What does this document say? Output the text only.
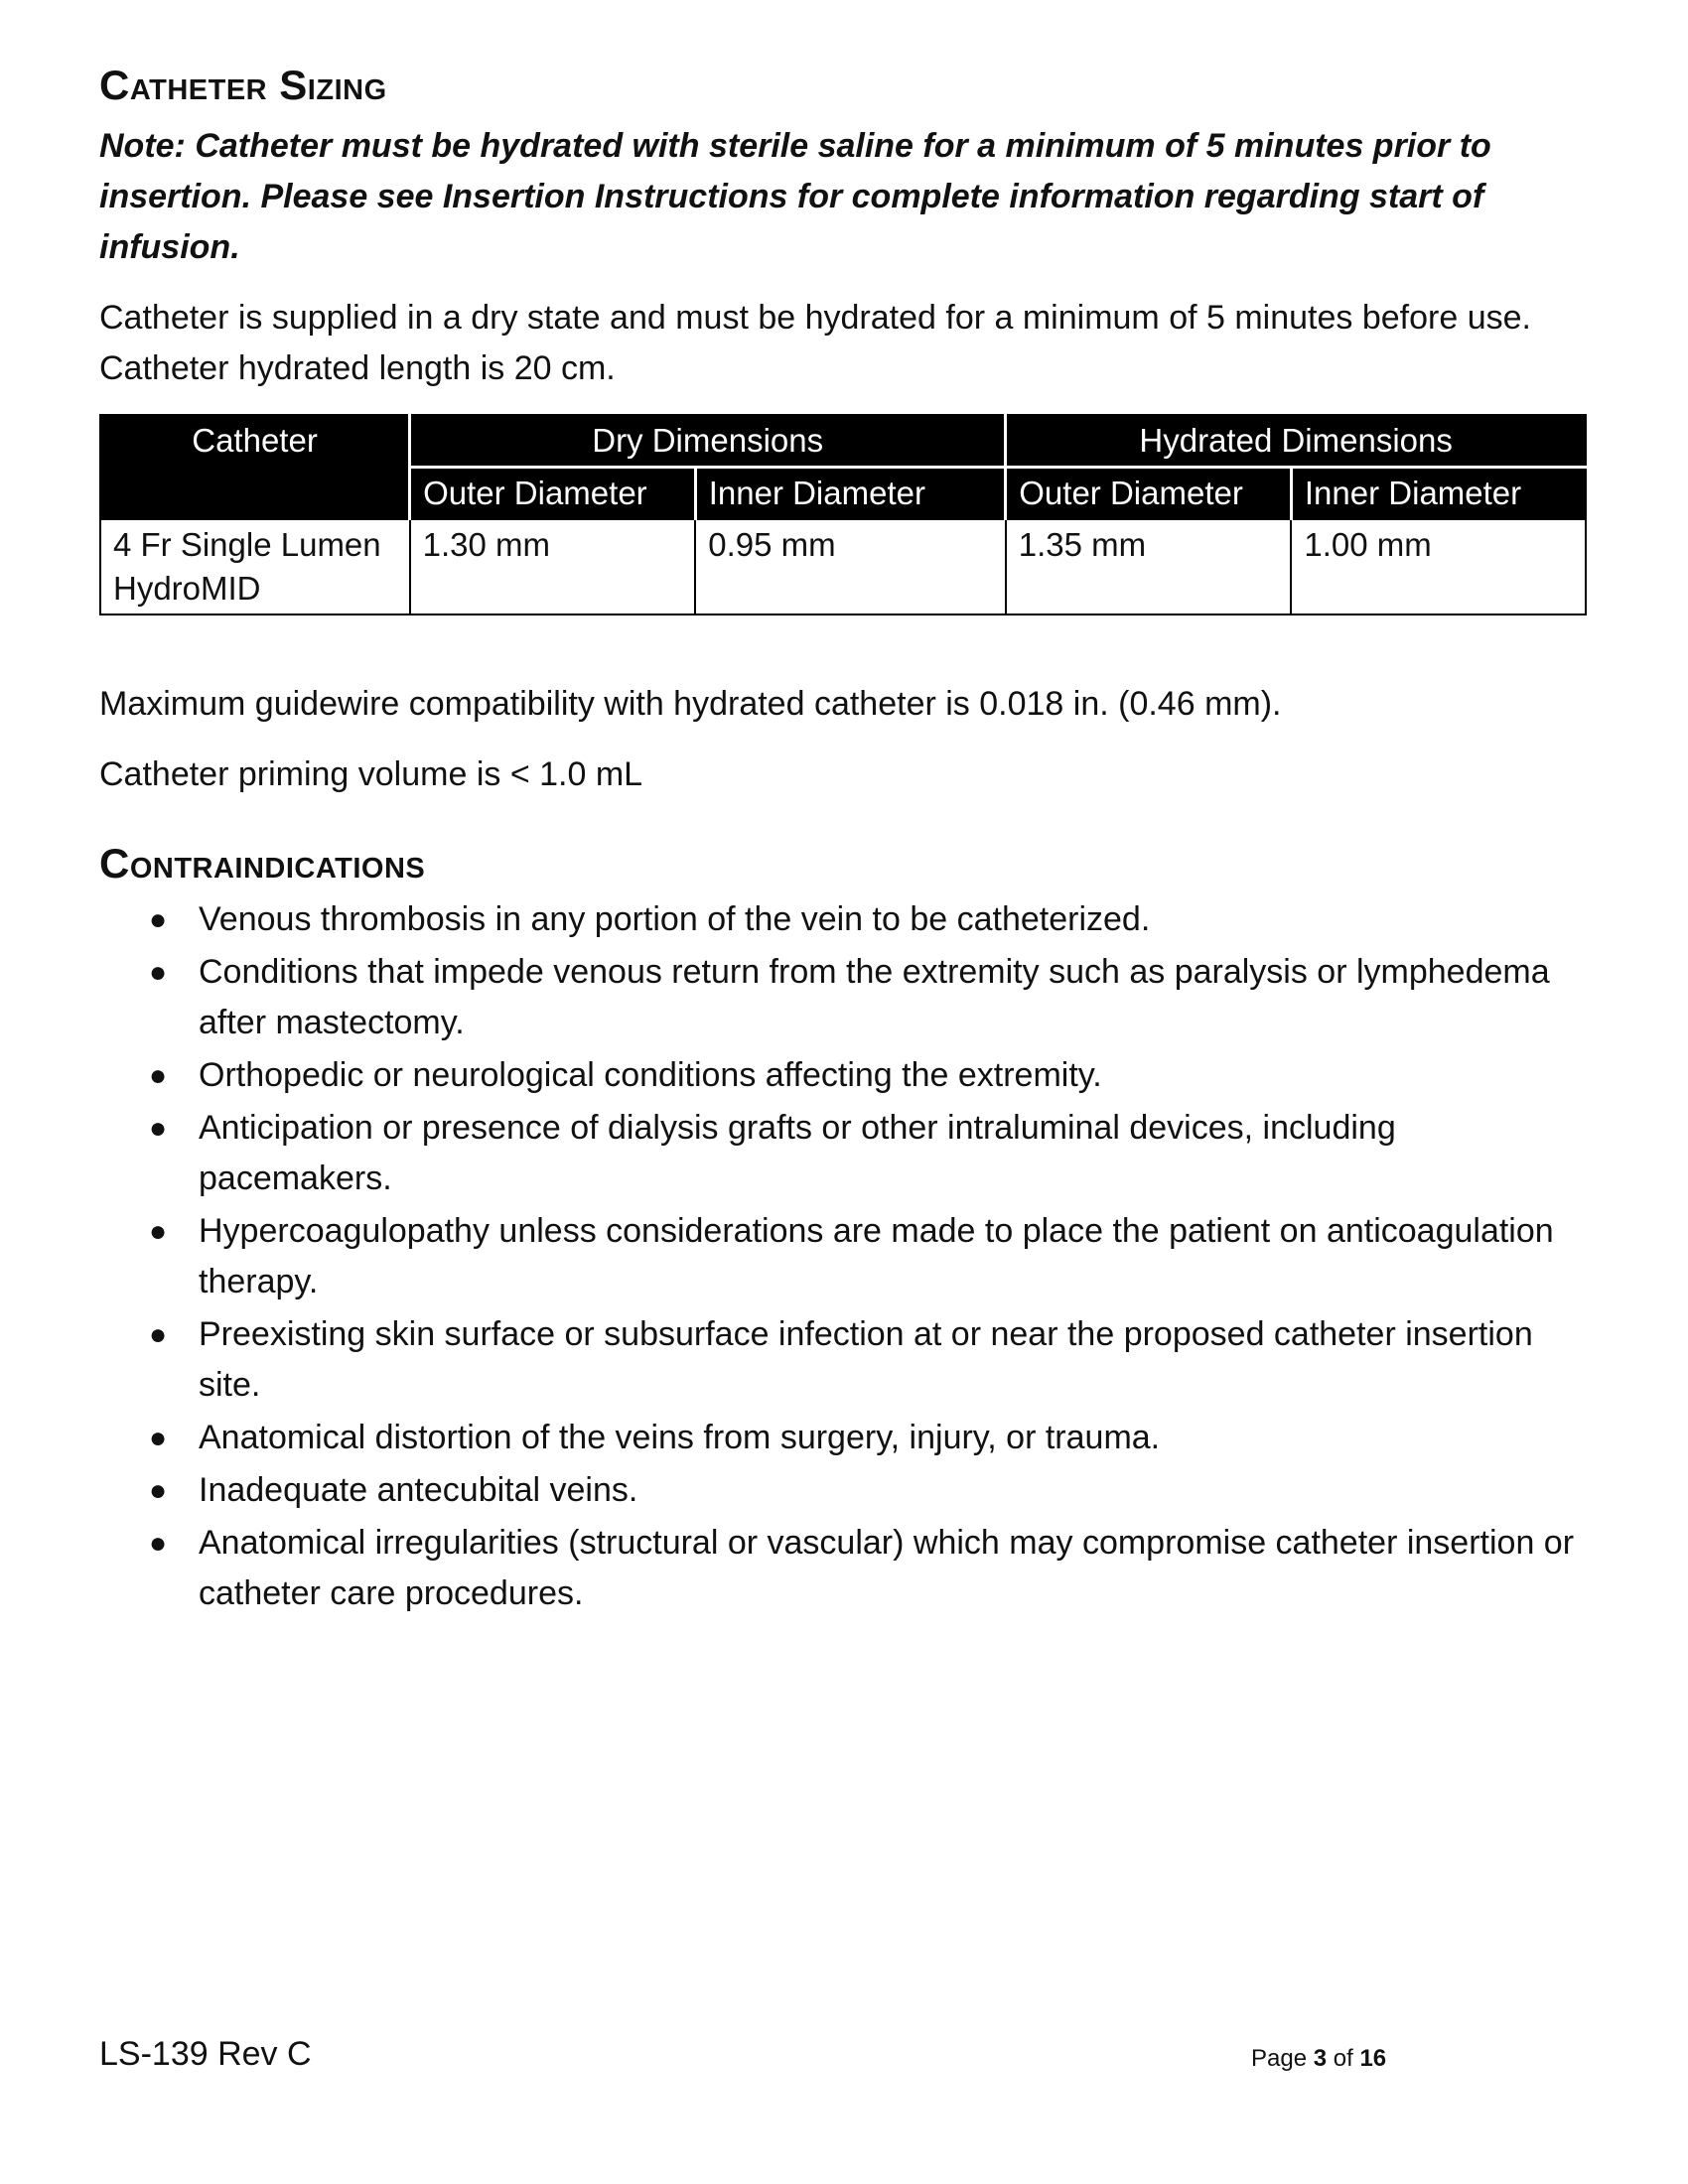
Catheter Sizing

Note: Catheter must be hydrated with sterile saline for a minimum of 5 minutes prior to insertion. Please see Insertion Instructions for complete information regarding start of infusion.

Catheter is supplied in a dry state and must be hydrated for a minimum of 5 minutes before use. Catheter hydrated length is 20 cm.

Catheter	Dry Dimensions		Hydrated Dimensions	
	Outer Diameter	Inner Diameter	Outer Diameter	Inner Diameter
4 Fr Single Lumen HydroMID	1.30 mm	0.95 mm	1.35 mm	1.00 mm

Maximum guidewire compatibility with hydrated catheter is 0.018 in. (0.46 mm).

Catheter priming volume is < 1.0 mL

Contraindications
● Venous thrombosis in any portion of the vein to be catheterized.
● Conditions that impede venous return from the extremity such as paralysis or lymphedema after mastectomy.
● Orthopedic or neurological conditions affecting the extremity.
● Anticipation or presence of dialysis grafts or other intraluminal devices, including pacemakers.
● Hypercoagulopathy unless considerations are made to place the patient on anticoagulation therapy.
● Preexisting skin surface or subsurface infection at or near the proposed catheter insertion site.
● Anatomical distortion of the veins from surgery, injury, or trauma.
● Inadequate antecubital veins.
● Anatomical irregularities (structural or vascular) which may compromise catheter insertion or catheter care procedures.
LS-139 Rev C	Page 3 of 16
